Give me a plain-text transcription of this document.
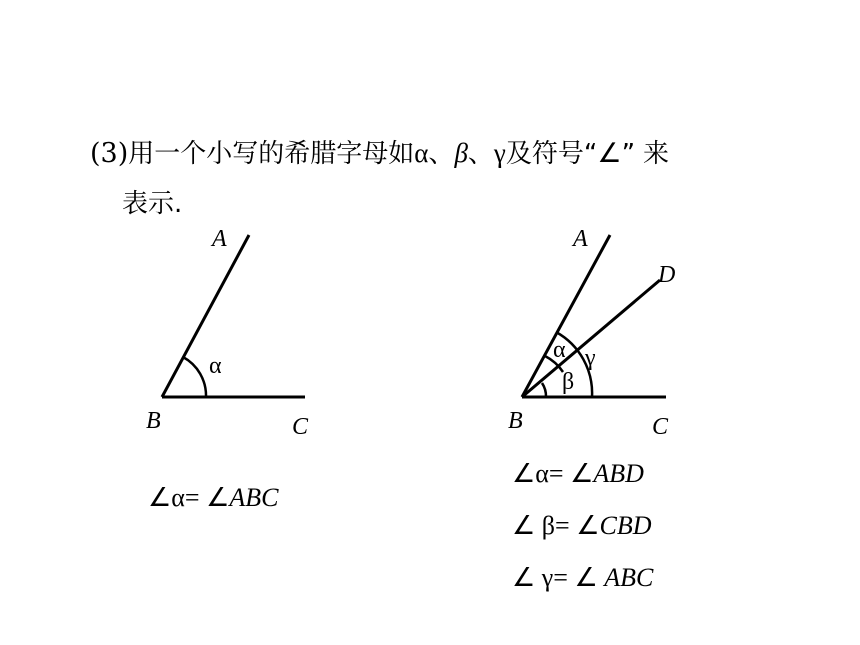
(3)用一个小写的希腊字母如α、β、γ及符号“∠” 来
表示.
A
B	C
α
A
D
B	C
α
β
γ
∠α= ∠ABC
∠α= ∠ABD
∠ β= ∠CBD
∠ γ= ∠ ABC
